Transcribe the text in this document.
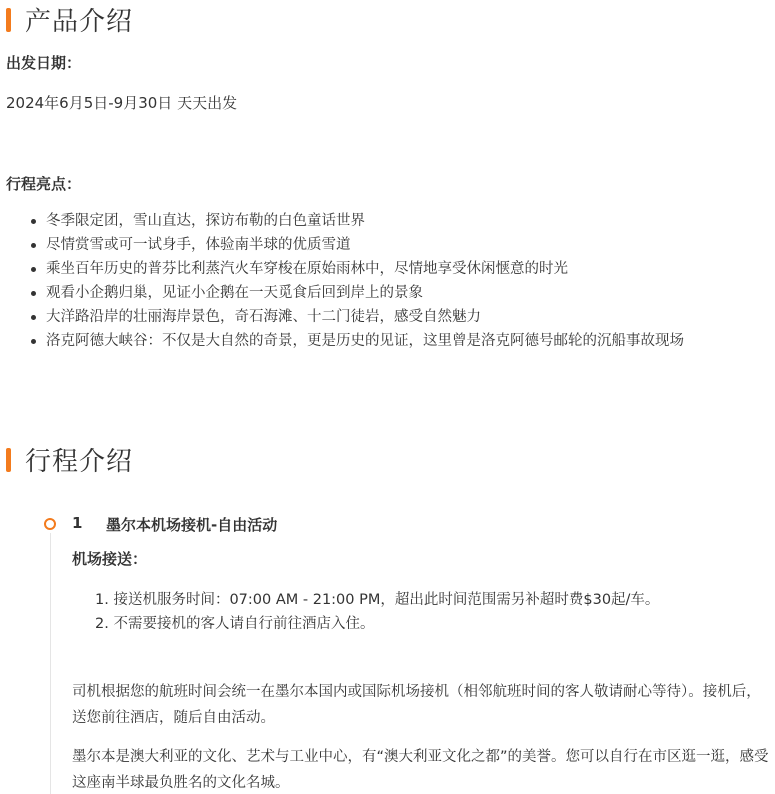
产品介绍
出发日期：
2024年6月5日-9月30日 天天出发
行程亮点：
冬季限定团，雪山直达，探访布勒的白色童话世界
尽情赏雪或可一试身手，体验南半球的优质雪道
乘坐百年历史的普芬比利蒸汽火车穿梭在原始雨林中，尽情地享受休闲惬意的时光
观看小企鹅归巢，见证小企鹅在一天觅食后回到岸上的景象
大洋路沿岸的壮丽海岸景色，奇石海滩、十二门徒岩，感受自然魅力
洛克阿德大峡谷：不仅是大自然的奇景，更是历史的见证，这里曾是洛克阿德号邮轮的沉船事故现场
行程介绍
1 墨尔本机场接机-自由活动
机场接送：
1. 接送机服务时间：07:00 AM - 21:00 PM，超出此时间范围需另补超时费$30起/车。
2. 不需要接机的客人请自行前往酒店入住。
司机根据您的航班时间会统一在墨尔本国内或国际机场接机（相邻航班时间的客人敬请耐心等待）。接机后，送您前往酒店，随后自由活动。
墨尔本是澳大利亚的文化、艺术与工业中心，有“澳大利亚文化之都”的美誉。您可以自行在市区逛一逛，感受这座南半球最负胜名的文化名城。
